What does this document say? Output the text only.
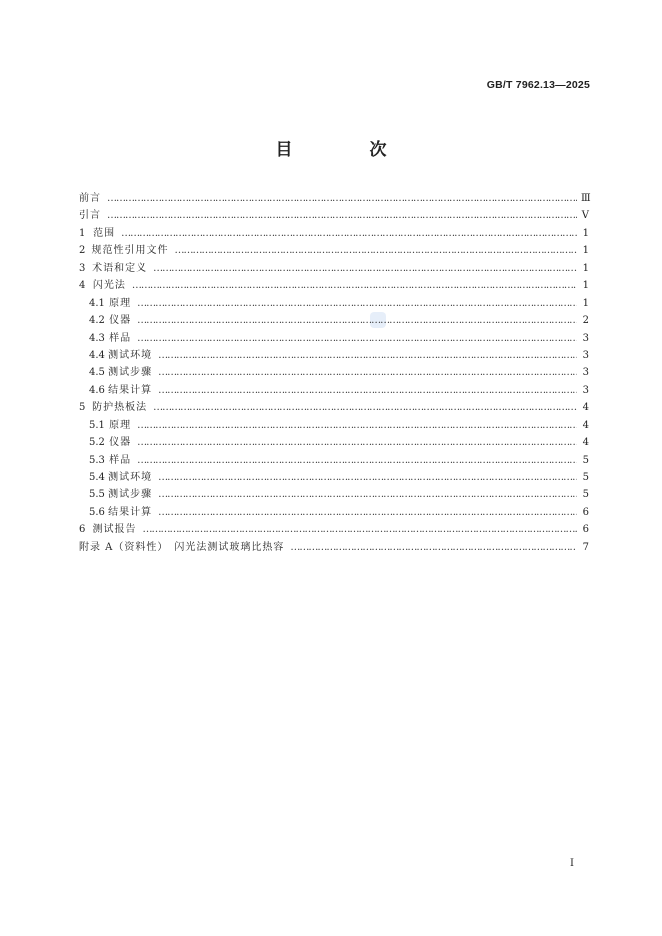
GB/T 7962.13—2025
目　次
前言 ……………………………………………………………………………………………………………………………………………………………………………………	Ⅲ
引言 ……………………………………………………………………………………………………………………………………………………………………………………	Ⅴ
1 范围 ……………………………………………………………………………………………………………………………………………………………………………………	1
2 规范性引用文件 ……………………………………………………………………………………………………………………………………………………………………………………	1
3 术语和定义 ……………………………………………………………………………………………………………………………………………………………………………………	1
4 闪光法 ……………………………………………………………………………………………………………………………………………………………………………………	1
4.1 原理 ……………………………………………………………………………………………………………………………………………………………………………………	1
4.2 仪器 ……………………………………………………………………………………………………………………………………………………………………………………	2
4.3 样品 ……………………………………………………………………………………………………………………………………………………………………………………	3
4.4 测试环境 ……………………………………………………………………………………………………………………………………………………………………………………	3
4.5 测试步骤 ……………………………………………………………………………………………………………………………………………………………………………………	3
4.6 结果计算 ……………………………………………………………………………………………………………………………………………………………………………………	3
5 防护热板法 ……………………………………………………………………………………………………………………………………………………………………………………	4
5.1 原理 ……………………………………………………………………………………………………………………………………………………………………………………	4
5.2 仪器 ……………………………………………………………………………………………………………………………………………………………………………………	4
5.3 样品 ……………………………………………………………………………………………………………………………………………………………………………………	5
5.4 测试环境 ……………………………………………………………………………………………………………………………………………………………………………………	5
5.5 测试步骤 ……………………………………………………………………………………………………………………………………………………………………………………	5
5.6 结果计算 ……………………………………………………………………………………………………………………………………………………………………………………	6
6 测试报告 ……………………………………………………………………………………………………………………………………………………………………………………	6
附录 A（资料性）　闪光法测试玻璃比热容 ……………………………………………………………………………………………………………………………………………………………………………………	7
I
